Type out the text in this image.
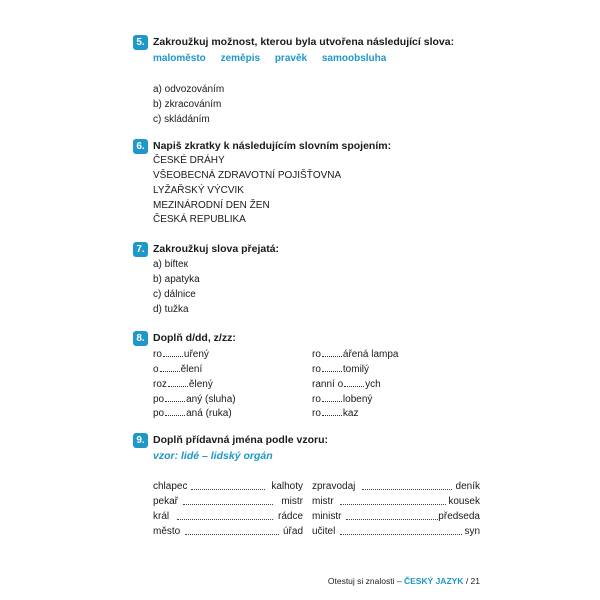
5. Zakroužkuj možnost, kterou byla utvořena následující slova:
maloměsto zeměpis pravěk samoobsluha
a) odvozováním
b) zkracováním
c) skládáním
6. Napiš zkratky k následujícím slovním spojením:
ČESKÉ DRÁHY
VŠEOBECNÁ ZDRAVOTNÍ POJIŠŤOVNA
LYŽAŘSKÝ VÝCVIK
MEZINÁRODNÍ DEN ŽEN
ČESKÁ REPUBLIKA
7. Zakroužkuj slova přejatá:
a) bifteк
b) apatyka
c) dálnice
d) tužka
8. Doplň d/dd, z/zz:
ro uřený
o ělení
roz ělený
po aný (sluha)
po aná (ruka)
ro ářená lampa
ro tomilý
ranní o ych
ro lobený
ro kaz
9. Doplň přídavná jména podle vzoru:
vzor: lidé – lidský orgán
chlapec	kalhoty
pekař	mistr
král	rádce
město	úřad
zpravodaj	deník
mistr	kousek
ministr	předseda
učitel	syn
Otestuj si znalosti – ČESKÝ JAZYK / 21
